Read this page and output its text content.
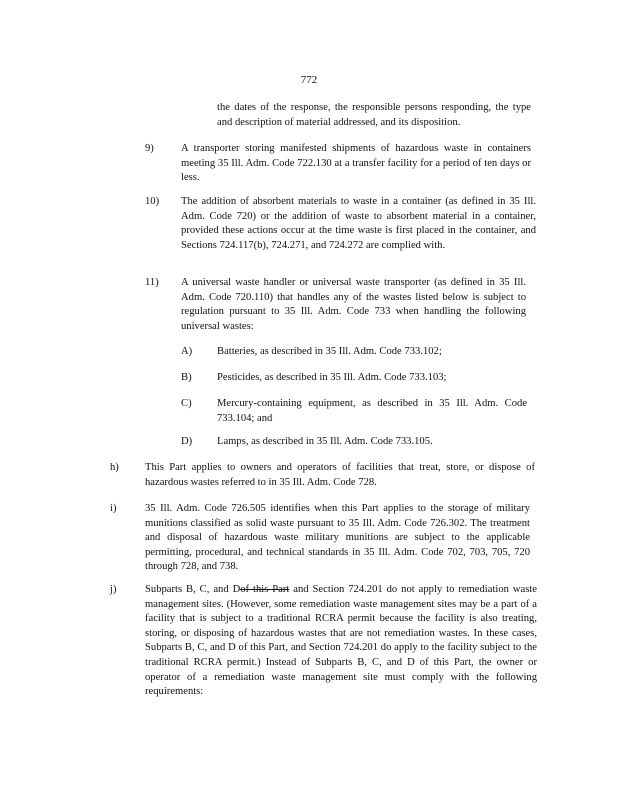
772
the dates of the response, the responsible persons responding, the type and description of material addressed, and its disposition.
9)	A transporter storing manifested shipments of hazardous waste in containers meeting 35 Ill. Adm. Code 722.130 at a transfer facility for a period of ten days or less.
10) The addition of absorbent materials to waste in a container (as defined in 35 Ill. Adm. Code 720) or the addition of waste to absorbent material in a container, provided these actions occur at the time waste is first placed in the container, and Sections 724.117(b), 724.271, and 724.272 are complied with.
11) A universal waste handler or universal waste transporter (as defined in 35 Ill. Adm. Code 720.110) that handles any of the wastes listed below is subject to regulation pursuant to 35 Ill. Adm. Code 733 when handling the following universal wastes:
A) Batteries, as described in 35 Ill. Adm. Code 733.102;
B) Pesticides, as described in 35 Ill. Adm. Code 733.103;
C) Mercury-containing equipment, as described in 35 Ill. Adm. Code 733.104; and
D) Lamps, as described in 35 Ill. Adm. Code 733.105.
h) This Part applies to owners and operators of facilities that treat, store, or dispose of hazardous wastes referred to in 35 Ill. Adm. Code 728.
i)	35 Ill. Adm. Code 726.505 identifies when this Part applies to the storage of military munitions classified as solid waste pursuant to 35 Ill. Adm. Code 726.302. The treatment and disposal of hazardous waste military munitions are subject to the applicable permitting, procedural, and technical standards in 35 Ill. Adm. Code 702, 703, 705, 720 through 728, and 738.
j)	Subparts B, C, and Dof this Part and Section 724.201 do not apply to remediation waste management sites. (However, some remediation waste management sites may be a part of a facility that is subject to a traditional RCRA permit because the facility is also treating, storing, or disposing of hazardous wastes that are not remediation wastes. In these cases, Subparts B, C, and D of this Part, and Section 724.201 do apply to the facility subject to the traditional RCRA permit.) Instead of Subparts B, C, and D of this Part, the owner or operator of a remediation waste management site must comply with the following requirements:
